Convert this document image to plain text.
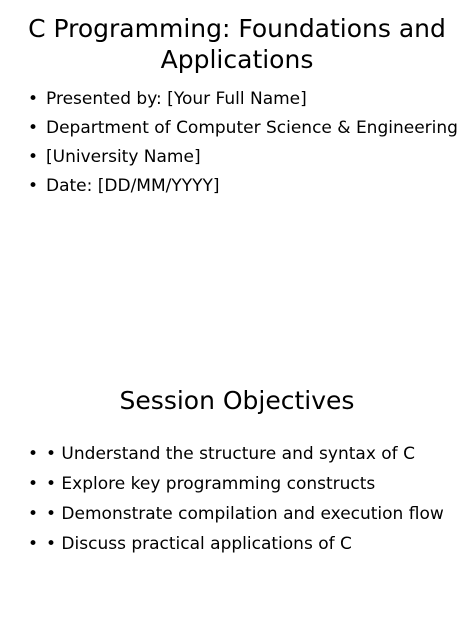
C Programming: Foundations and
Applications
• Presented by: [Your Full Name]
• Department of Computer Science & Engineering
• [University Name]
• Date: [DD/MM/YYYY]
Session Objectives
• • Understand the structure and syntax of C
• • Explore key programming constructs
• • Demonstrate compilation and execution flow
• • Discuss practical applications of C
